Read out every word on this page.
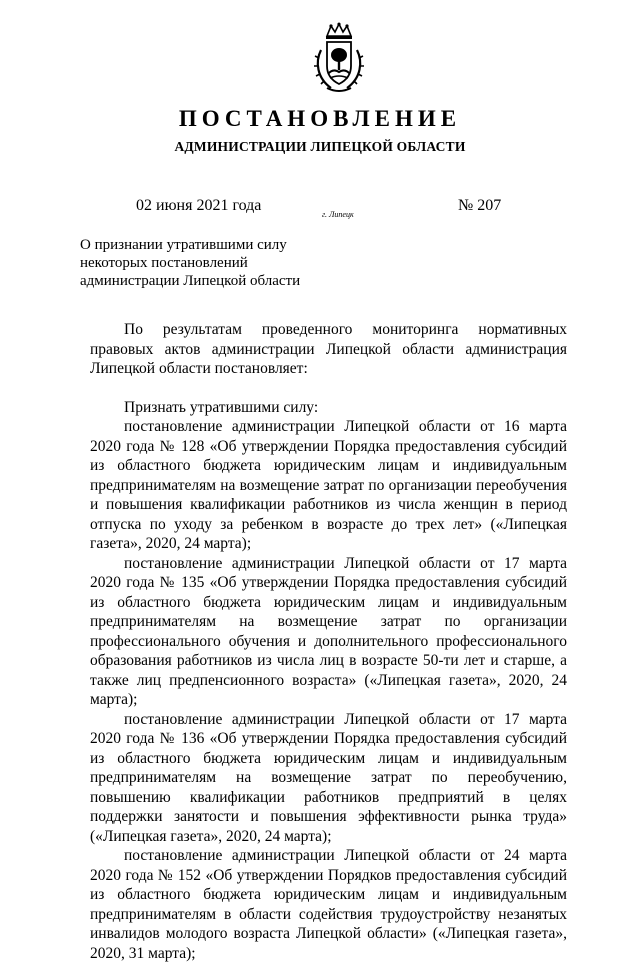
ПОСТАНОВЛЕНИЕ
АДМИНИСТРАЦИИ ЛИПЕЦКОЙ ОБЛАСТИ
02 июня 2021 года
г. Липецк
№ 207
О признании утратившими силу
некоторых постановлений
администрации Липецкой области

По результатам проведенного мониторинга нормативных правовых актов администрации Липецкой области администрация Липецкой области постановляет:

Признать утратившими силу:

постановление администрации Липецкой области от 16 марта 2020 года № 128 «Об утверждении Порядка предоставления субсидий из областного бюджета юридическим лицам и индивидуальным предпринимателям на возмещение затрат по организации переобучения и повышения квалификации работников из числа женщин в период отпуска по уходу за ребенком в возрасте до трех лет» («Липецкая газета», 2020, 24 марта);

постановление администрации Липецкой области от 17 марта 2020 года № 135 «Об утверждении Порядка предоставления субсидий из областного бюджета юридическим лицам и индивидуальным предпринимателям на возмещение затрат по организации профессионального обучения и дополнительного профессионального образования работников из числа лиц в возрасте 50-ти лет и старше, а также лиц предпенсионного возраста» («Липецкая газета», 2020, 24 марта);

постановление администрации Липецкой области от 17 марта 2020 года № 136 «Об утверждении Порядка предоставления субсидий из областного бюджета юридическим лицам и индивидуальным предпринимателям на возмещение затрат по переобучению, повышению квалификации работников предприятий в целях поддержки занятости и повышения эффективности рынка труда» («Липецкая газета», 2020, 24 марта);

постановление администрации Липецкой области от 24 марта 2020 года № 152 «Об утверждении Порядков предоставления субсидий из областного бюджета юридическим лицам и индивидуальным предпринимателям в области содействия трудоустройству незанятых инвалидов молодого возраста Липецкой области» («Липецкая газета», 2020, 31 марта);
